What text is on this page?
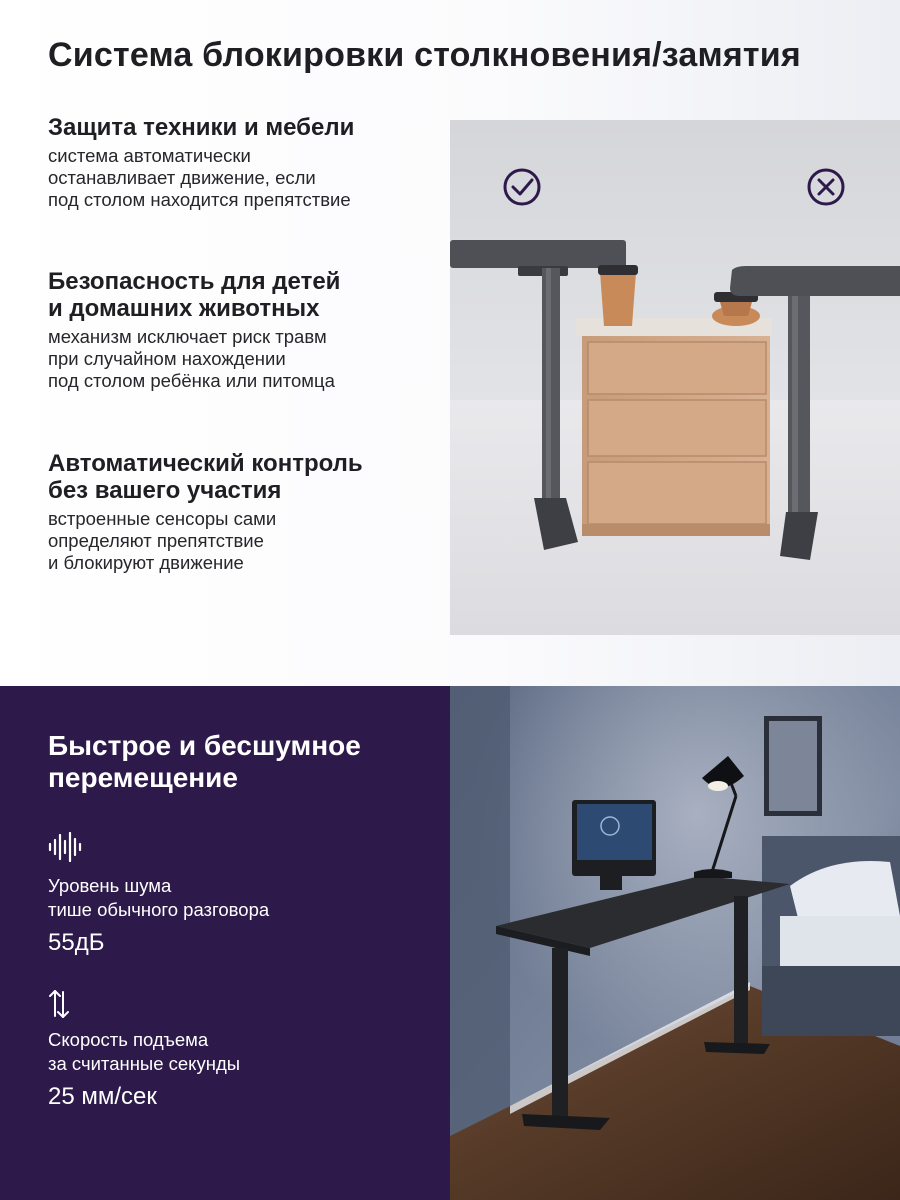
Система блокировки столкновения/замятия
Защита техники и мебели
система автоматически
останавливает движение, если
под столом находится препятствие
Безопасность для детей
и домашних животных
механизм исключает риск травм
при случайном нахождении
под столом ребёнка или питомца
Автоматический контроль
без вашего участия
встроенные сенсоры сами
определяют препятствие
и блокируют движение
Быстрое и бесшумное
перемещение
Уровень шума
тише обычного разговора
55дБ
Скорость подъема
за считанные секунды
25 мм/сек
